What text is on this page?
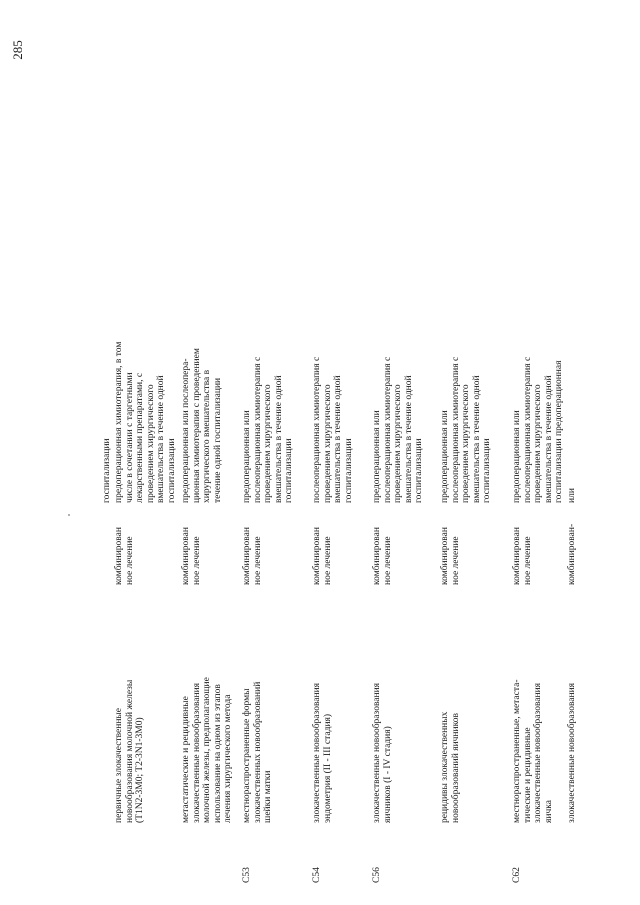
285
госпитализации
первичные злокачественные новообразования молочной железы (T1N2-3M0; T2-3N1-3M0)
комбинирован ное лечение
предоперационная химиотерапия, в том числе в сочетании с таргетными лекарственными препаратами, с проведением хирургического вмешательства в течение одной госпитализации
метастатические и рецидивные злокачественные новообразования молочной железы, предполагающие использование на одном из этапов лечения хирургического метода
комбинирован ное лечение
предоперационная или послеопера- ционная химиотерапия с проведением хирургического вмешательства в течение одной госпитализации
C53
местнораспространенные формы злокачественных новообразований шейки матки
комбинирован ное лечение
предоперационная или послеоперационная химиотерапия с проведением хирургического вмешательства в течение одной госпитализации
C54
злокачественные новообразования эндометрия (II - III стадия)
комбинирован ное лечение
послеоперационная химиотерапия с проведением хирургического вмешательства в течение одной госпитализации
C56
злокачественные новообразования яичников (I - IV стадия)
комбинирован ное лечение
предоперационная или послеоперационная химиотерапия с проведением хирургического вмешательства в течение одной госпитализации
рецидивы злокачественных новообразований яичников
комбинирован ное лечение
предоперационная или послеоперационная химиотерапия с проведением хирургического вмешательства в течение одной госпитализации
C62
местнораспространенные, метаста- тические и рецидивные злокачественные новообразования яичка
комбинирован ное лечение
предоперационная или послеоперационная химиотерапия с проведением хирургического вмешательства в течение одной госпитализации предоперационная
злокачественные новообразования
комбинирован-
или
